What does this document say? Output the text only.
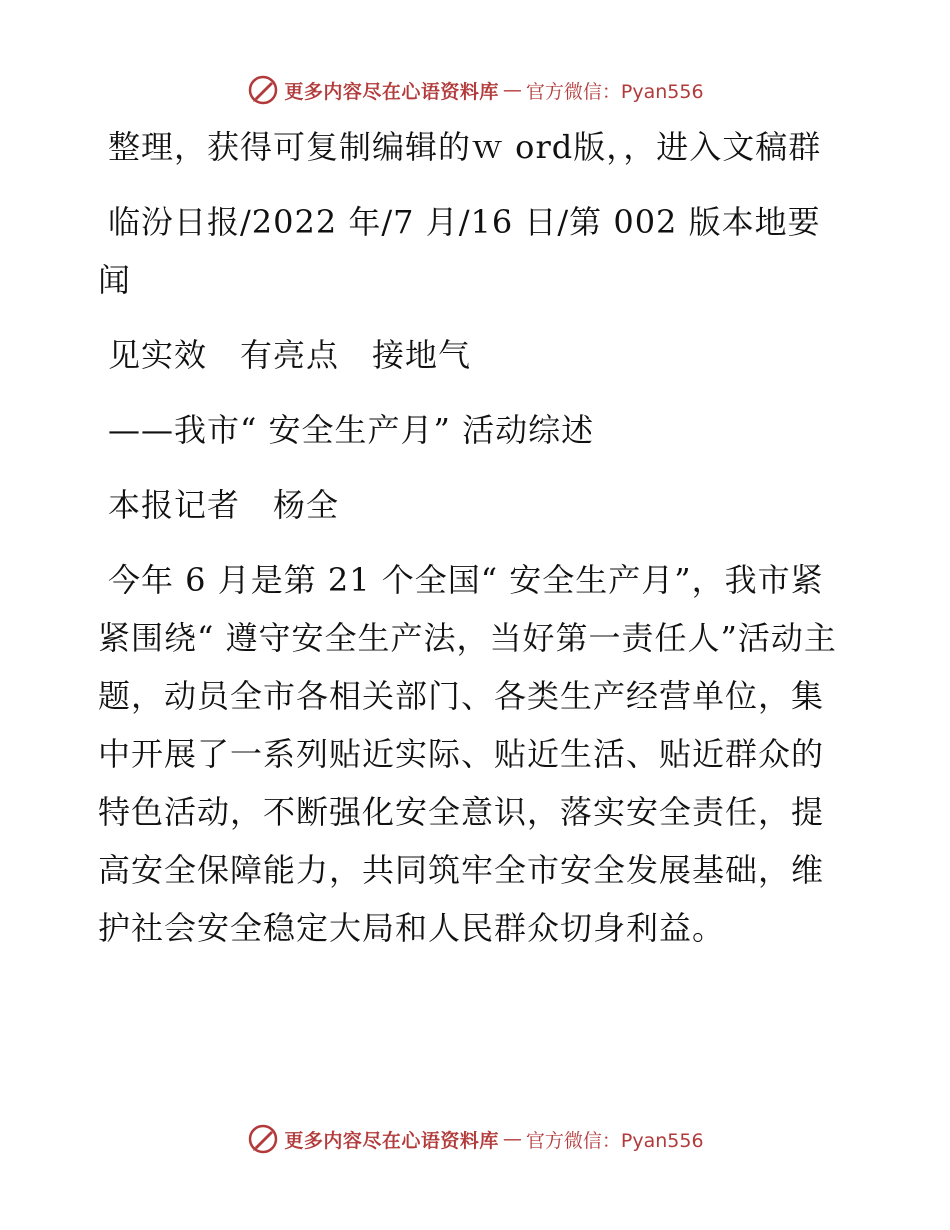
更多内容尽在心语资料库 — 官方微信：Pyan556

整理，获得可复制编辑的ｗ ord版，，进入文稿群

临汾日报/2022 年/7 月/16 日/第 002 版本地要闻

见实效　有亮点　接地气

——我市“ 安全生产月” 活动综述

本报记者　杨全

今年 6 月是第 21 个全国“ 安全生产月”，我市紧紧围绕“ 遵守安全生产法，当好第一责任人”活动主题，动员全市各相关部门、各类生产经营单位，集中开展了一系列贴近实际、贴近生活、贴近群众的特色活动，不断强化安全意识，落实安全责任，提高安全保障能力，共同筑牢全市安全发展基础，维护社会安全稳定大局和人民群众切身利益。

更多内容尽在心语资料库 — 官方微信：Pyan556
